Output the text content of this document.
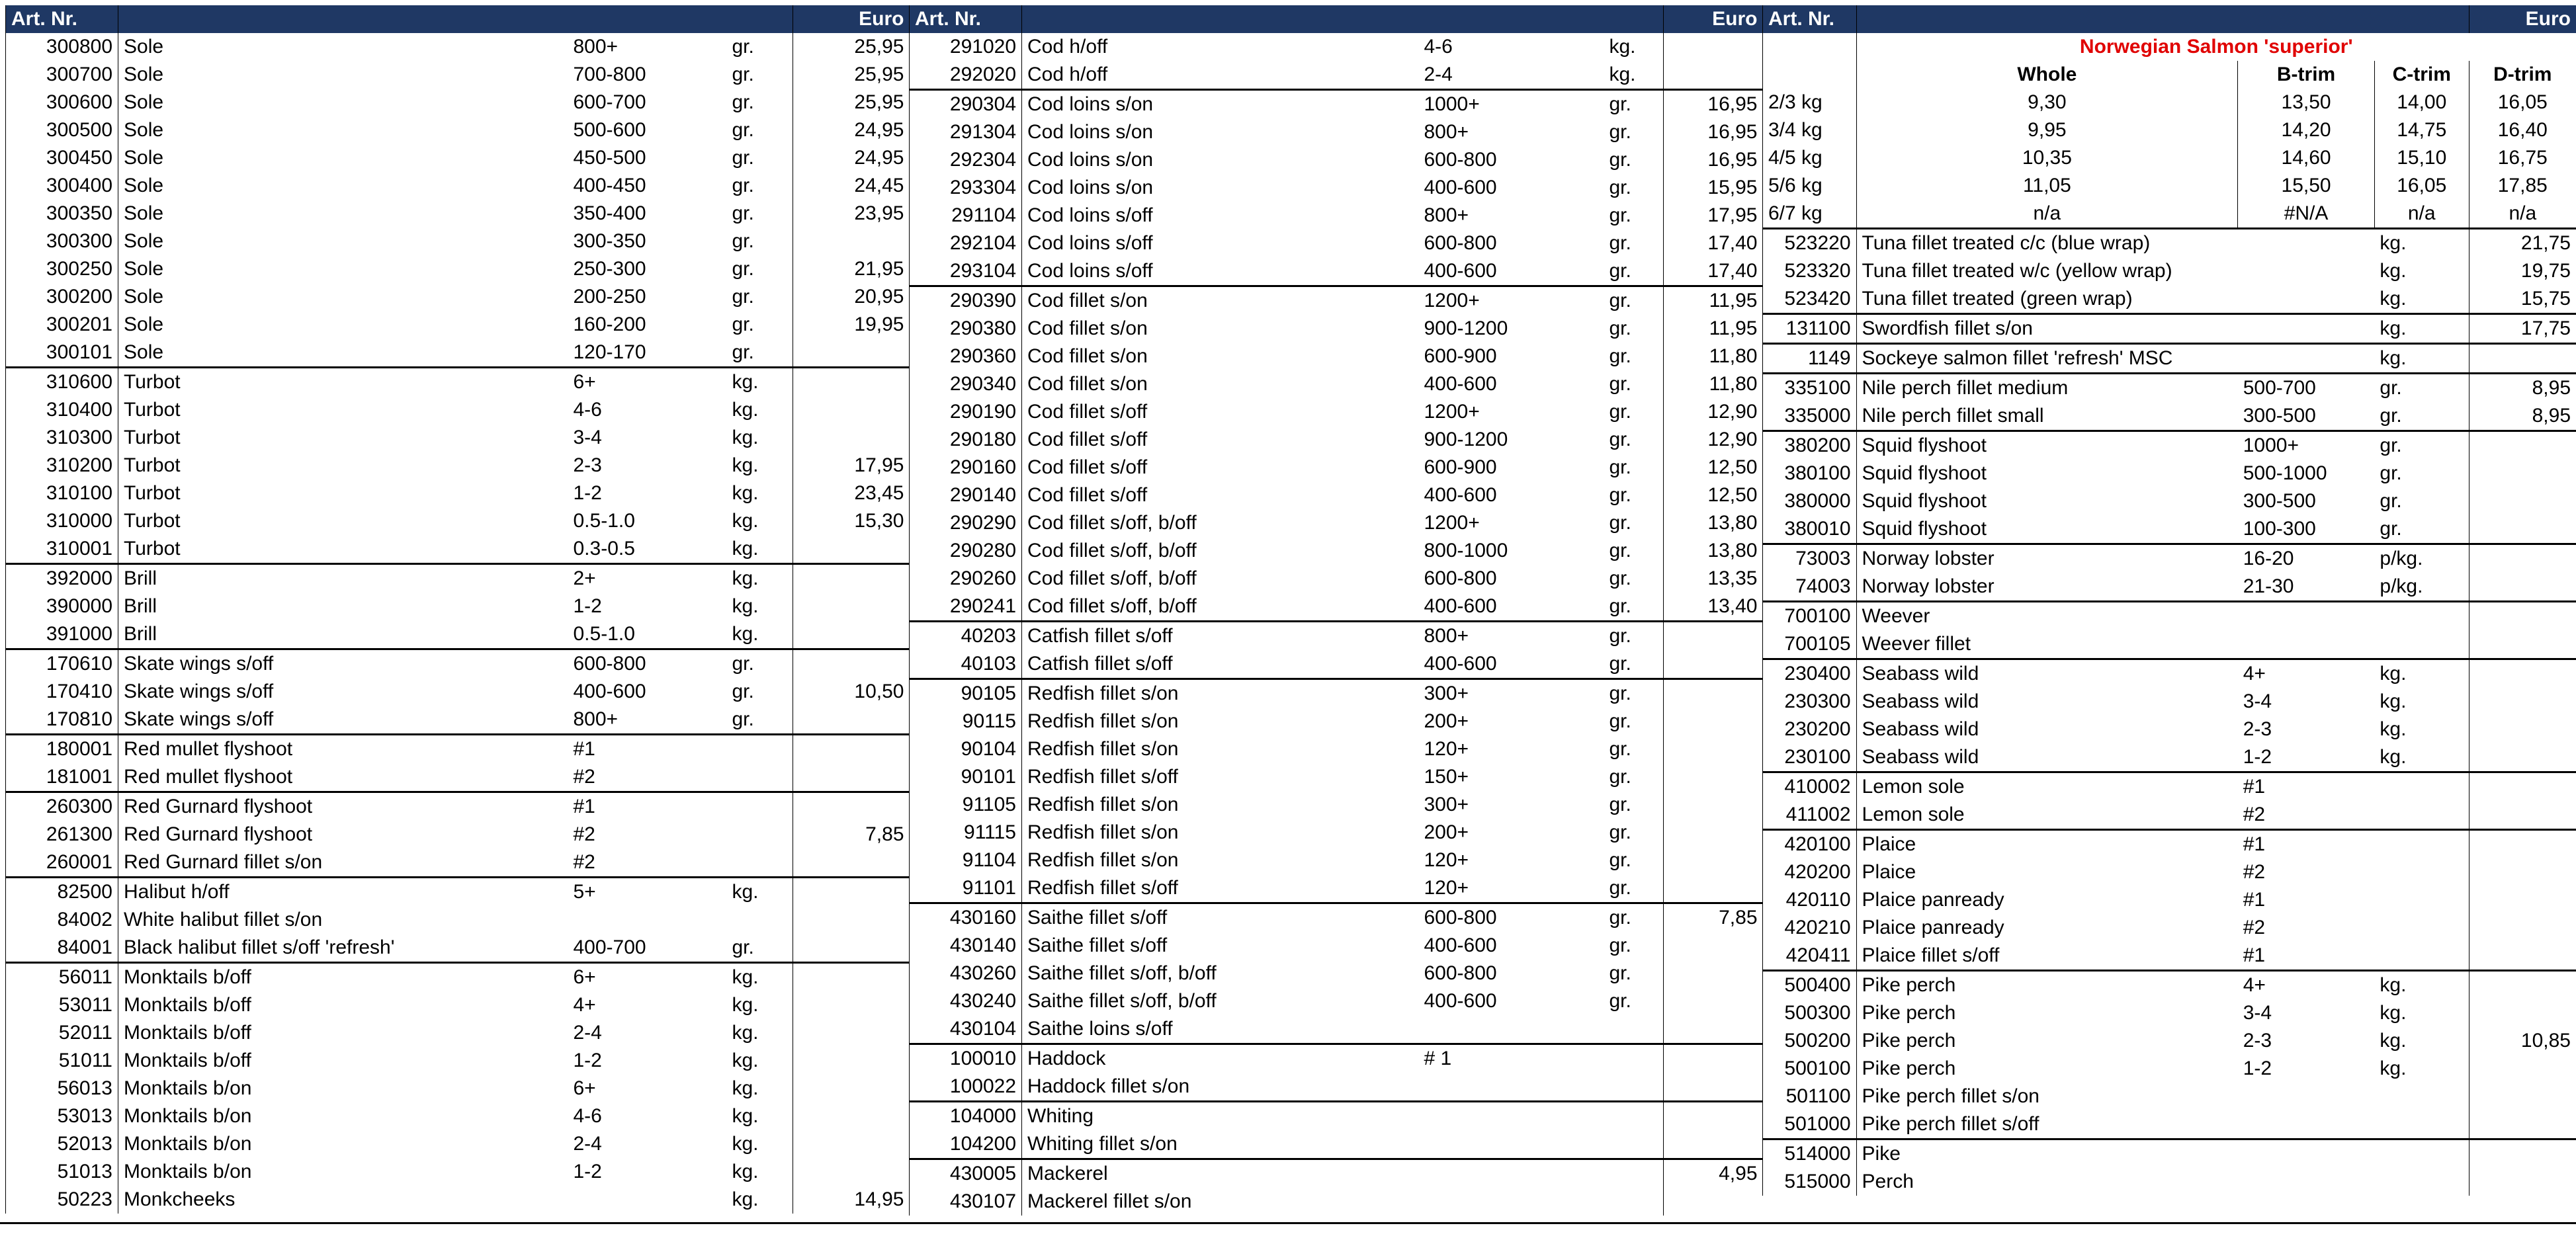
Art. Nr.				Euro
300800	Sole	800+	gr.	25,95
300700	Sole	700-800	gr.	25,95
300600	Sole	600-700	gr.	25,95
300500	Sole	500-600	gr.	24,95
300450	Sole	450-500	gr.	24,95
300400	Sole	400-450	gr.	24,45
300350	Sole	350-400	gr.	23,95
300300	Sole	300-350	gr.	
300250	Sole	250-300	gr.	21,95
300200	Sole	200-250	gr.	20,95
300201	Sole	160-200	gr.	19,95
300101	Sole	120-170	gr.	
310600	Turbot	6+	kg.	
310400	Turbot	4-6	kg.	
310300	Turbot	3-4	kg.	
310200	Turbot	2-3	kg.	17,95
310100	Turbot	1-2	kg.	23,45
310000	Turbot	0.5-1.0	kg.	15,30
310001	Turbot	0.3-0.5	kg.	
392000	Brill	2+	kg.	
390000	Brill	1-2	kg.	
391000	Brill	0.5-1.0	kg.	
170610	Skate wings s/off	600-800	gr.	
170410	Skate wings s/off	400-600	gr.	10,50
170810	Skate wings s/off	800+	gr.	
180001	Red mullet flyshoot	#1		
181001	Red mullet flyshoot	#2		
260300	Red Gurnard flyshoot	#1		
261300	Red Gurnard flyshoot	#2		7,85
260001	Red Gurnard fillet s/on	#2		
82500	Halibut h/off	5+	kg.	
84002	White halibut fillet s/on			
84001	Black halibut fillet s/off 'refresh'	400-700	gr.	
56011	Monktails b/off	6+	kg.	
53011	Monktails b/off	4+	kg.	
52011	Monktails b/off	2-4	kg.	
51011	Monktails b/off	1-2	kg.	
56013	Monktails b/on	6+	kg.	
53013	Monktails b/on	4-6	kg.	
52013	Monktails b/on	2-4	kg.	
51013	Monktails b/on	1-2	kg.	
50223	Monkcheeks		kg.	14,95
Art. Nr.				Euro
291020	Cod h/off	4-6	kg.	
292020	Cod h/off	2-4	kg.	
290304	Cod loins s/on	1000+	gr.	16,95
291304	Cod loins s/on	800+	gr.	16,95
292304	Cod loins s/on	600-800	gr.	16,95
293304	Cod loins s/on	400-600	gr.	15,95
291104	Cod loins s/off	800+	gr.	17,95
292104	Cod loins s/off	600-800	gr.	17,40
293104	Cod loins s/off	400-600	gr.	17,40
290390	Cod fillet s/on	1200+	gr.	11,95
290380	Cod fillet s/on	900-1200	gr.	11,95
290360	Cod fillet s/on	600-900	gr.	11,80
290340	Cod fillet s/on	400-600	gr.	11,80
290190	Cod fillet s/off	1200+	gr.	12,90
290180	Cod fillet s/off	900-1200	gr.	12,90
290160	Cod fillet s/off	600-900	gr.	12,50
290140	Cod fillet s/off	400-600	gr.	12,50
290290	Cod fillet s/off, b/off	1200+	gr.	13,80
290280	Cod fillet s/off, b/off	800-1000	gr.	13,80
290260	Cod fillet s/off, b/off	600-800	gr.	13,35
290241	Cod fillet s/off, b/off	400-600	gr.	13,40
40203	Catfish fillet s/off	800+	gr.	
40103	Catfish fillet s/off	400-600	gr.	
90105	Redfish fillet s/on	300+	gr.	
90115	Redfish fillet s/on	200+	gr.	
90104	Redfish fillet s/on	120+	gr.	
90101	Redfish fillet s/off	150+	gr.	
91105	Redfish fillet s/on	300+	gr.	
91115	Redfish fillet s/on	200+	gr.	
91104	Redfish fillet s/on	120+	gr.	
91101	Redfish fillet s/off	120+	gr.	
430160	Saithe fillet s/off	600-800	gr.	7,85
430140	Saithe fillet s/off	400-600	gr.	
430260	Saithe fillet s/off, b/off	600-800	gr.	
430240	Saithe fillet s/off, b/off	400-600	gr.	
430104	Saithe loins s/off			
100010	Haddock	# 1		
100022	Haddock fillet s/on			
104000	Whiting			
104200	Whiting fillet s/on			
430005	Mackerel			4,95
430107	Mackerel fillet s/on			
Art. Nr.				Euro
	Norwegian Salmon 'superior'			
	Whole	B-trim	C-trim	D-trim
2/3 kg	9,30	13,50	14,00	16,05
3/4 kg	9,95	14,20	14,75	16,40
4/5 kg	10,35	14,60	15,10	16,75
5/6 kg	11,05	15,50	16,05	17,85
6/7 kg	n/a	#N/A	n/a	n/a
523220	Tuna fillet treated c/c (blue wrap)		kg.	21,75
523320	Tuna fillet treated w/c (yellow wrap)		kg.	19,75
523420	Tuna fillet treated (green wrap)		kg.	15,75
131100	Swordfish fillet s/on		kg.	17,75
1149	Sockeye salmon fillet 'refresh' MSC		kg.	
335100	Nile perch fillet medium	500-700	gr.	8,95
335000	Nile perch fillet small	300-500	gr.	8,95
380200	Squid flyshoot	1000+	gr.	
380100	Squid flyshoot	500-1000	gr.	
380000	Squid flyshoot	300-500	gr.	
380010	Squid flyshoot	100-300	gr.	
73003	Norway lobster	16-20	p/kg.	
74003	Norway lobster	21-30	p/kg.	
700100	Weever			
700105	Weever fillet			
230400	Seabass wild	4+	kg.	
230300	Seabass wild	3-4	kg.	
230200	Seabass wild	2-3	kg.	
230100	Seabass wild	1-2	kg.	
410002	Lemon sole	#1		
411002	Lemon sole	#2		
420100	Plaice	#1		
420200	Plaice	#2		
420110	Plaice panready	#1		
420210	Plaice panready	#2		
420411	Plaice fillet s/off	#1		
500400	Pike perch	4+	kg.	
500300	Pike perch	3-4	kg.	
500200	Pike perch	2-3	kg.	10,85
500100	Pike perch	1-2	kg.	
501100	Pike perch fillet s/on			
501000	Pike perch fillet s/off			
514000	Pike			
515000	Perch			
